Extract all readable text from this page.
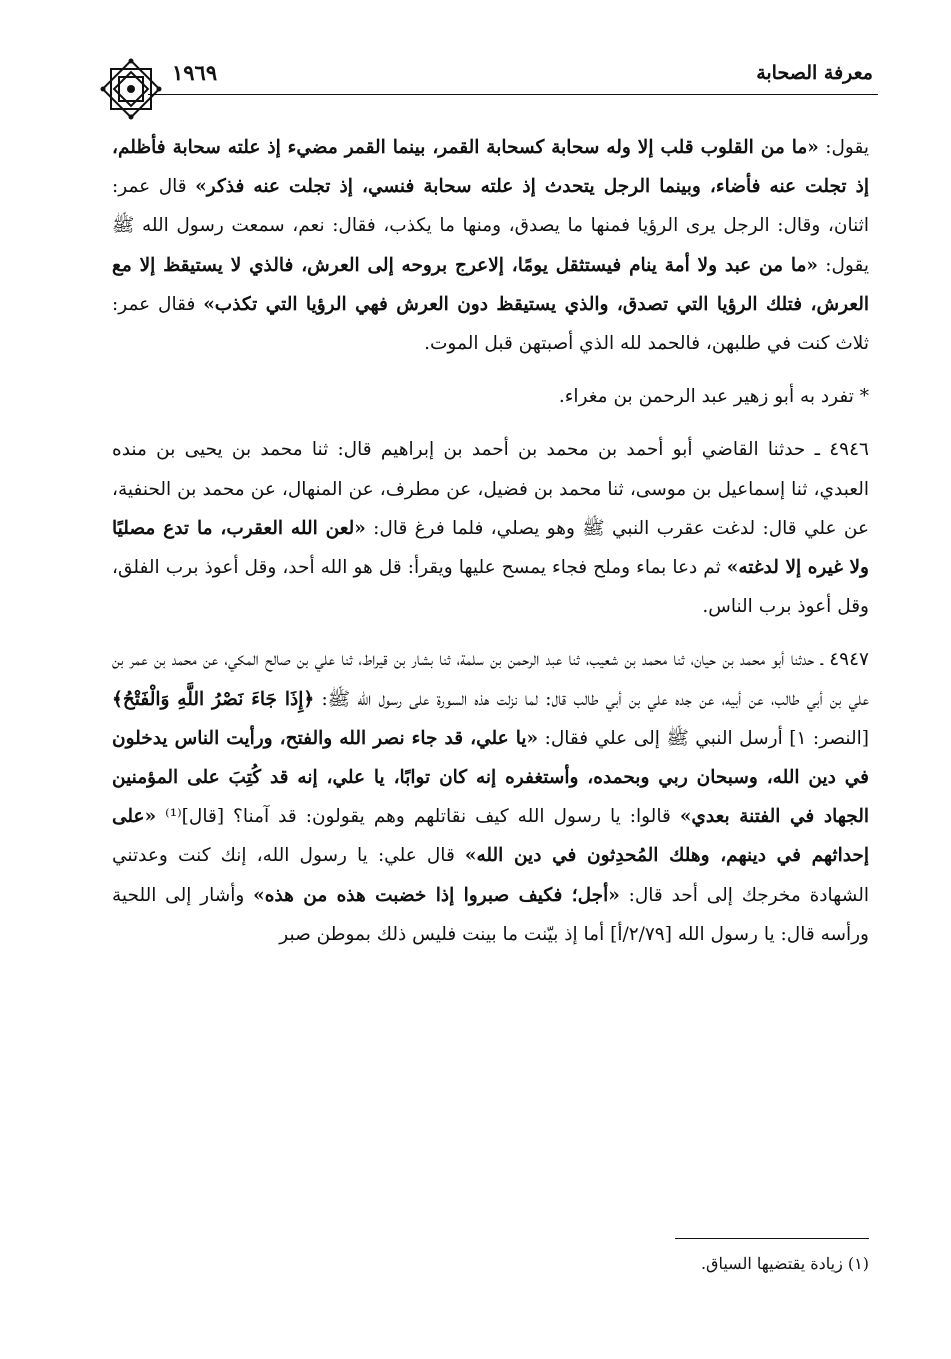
معرفة الصحابة
١٩٦٩

يقول: «ما من القلوب قلب إلا وله سحابة كسحابة القمر، بينما القمر مضيء إذ علته سحابة فأظلم، إذ تجلت عنه فأضاء، وبينما الرجل يتحدث إذ علته سحابة فنسي، إذ تجلت عنه فذكر» قال عمر: اثنان، وقال: الرجل يرى الرؤيا فمنها ما يصدق، ومنها ما يكذب، فقال: نعم، سمعت رسول الله ﷺ يقول: «ما من عبد ولا أمة ينام فيستثقل يومًا، إلاعرج بروحه إلى العرش، فالذي لا يستيقظ إلا مع العرش، فتلك الرؤيا التي تصدق، والذي يستيقظ دون العرش فهي الرؤيا التي تكذب» فقال عمر: ثلاث كنت في طلبهن، فالحمد لله الذي أصبتهن قبل الموت.

* تفرد به أبو زهير عبد الرحمن بن مغراء.

٤٩٤٦ ـ حدثنا القاضي أبو أحمد بن محمد بن أحمد بن إبراهيم قال: ثنا محمد بن يحيى بن منده العبدي، ثنا إسماعيل بن موسى، ثنا محمد بن فضيل، عن مطرف، عن المنهال، عن محمد بن الحنفية، عن علي قال: لدغت عقرب النبي ﷺ وهو يصلي، فلما فرغ قال: «لعن الله العقرب، ما تدع مصليًا ولا غيره إلا لدغته» ثم دعا بماء وملح فجاء يمسح عليها ويقرأ: قل هو الله أحد، وقل أعوذ برب الفلق، وقل أعوذ برب الناس.

٤٩٤٧ ـ حدثنا أبو محمد بن حيان، ثنا محمد بن شعيب، ثنا عبد الرحمن بن سلمة، ثنا بشار بن قيراط، ثنا علي بن صالح المكي، عن محمد بن عمر بن علي بن أبي طالب، عن أبيه، عن جده علي بن أبي طالب قال: لما نزلت هذه السورة على رسول الله ﷺ: ﴿إِذَا جَاءَ نَصْرُ اللَّهِ وَالْفَتْحُ﴾ [النصر: ١] أرسل النبي ﷺ إلى علي فقال: «يا علي، قد جاء نصر الله والفتح، ورأيت الناس يدخلون في دين الله، وسبحان ربي وبحمده، وأستغفره إنه كان توابًا، يا علي، إنه قد كُتِبَ على المؤمنين الجهاد في الفتنة بعدي» قالوا: يا رسول الله كيف نقاتلهم وهم يقولون: قد آمنا؟ [قال]⁽¹⁾ «على إحداثهم في دينهم، وهلك المُحدِثون في دين الله» قال علي: يا رسول الله، إنك كنت وعدتني الشهادة مخرجك إلى أحد قال: «أجل؛ فكيف صبروا إذا خضبت هذه من هذه» وأشار إلى اللحية ورأسه قال: يا رسول الله [٢/٧٩/أ] أما إذ بيّنت ما بينت فليس ذلك بموطن صبر

(١) زيادة يقتضيها السياق.
